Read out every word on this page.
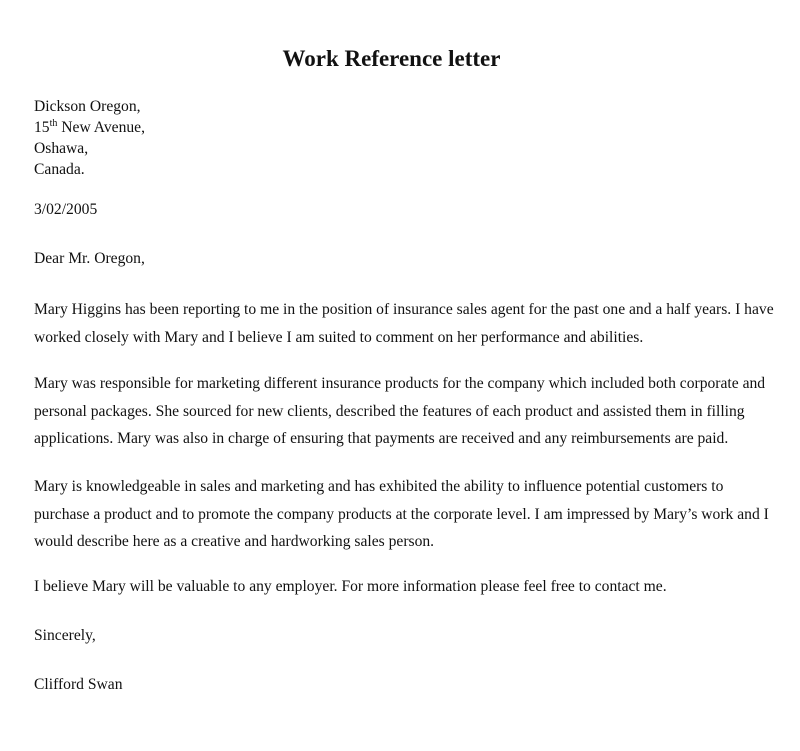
Work Reference letter
Dickson Oregon,
15th New Avenue,
Oshawa,
Canada.

3/02/2005

Dear Mr. Oregon,

Mary Higgins has been reporting to me in the position of insurance sales agent for the past one and a half years. I have worked closely with Mary and I believe I am suited to comment on her performance and abilities.

Mary was responsible for marketing different insurance products for the company which included both corporate and personal packages. She sourced for new clients, described the features of each product and assisted them in filling applications. Mary was also in charge of ensuring that payments are received and any reimbursements are paid.

Mary is knowledgeable in sales and marketing and has exhibited the ability to influence potential customers to purchase a product and to promote the company products at the corporate level. I am impressed by Mary’s work and I would describe here as a creative and hardworking sales person.

I believe Mary will be valuable to any employer. For more information please feel free to contact me.

Sincerely,

Clifford Swan
